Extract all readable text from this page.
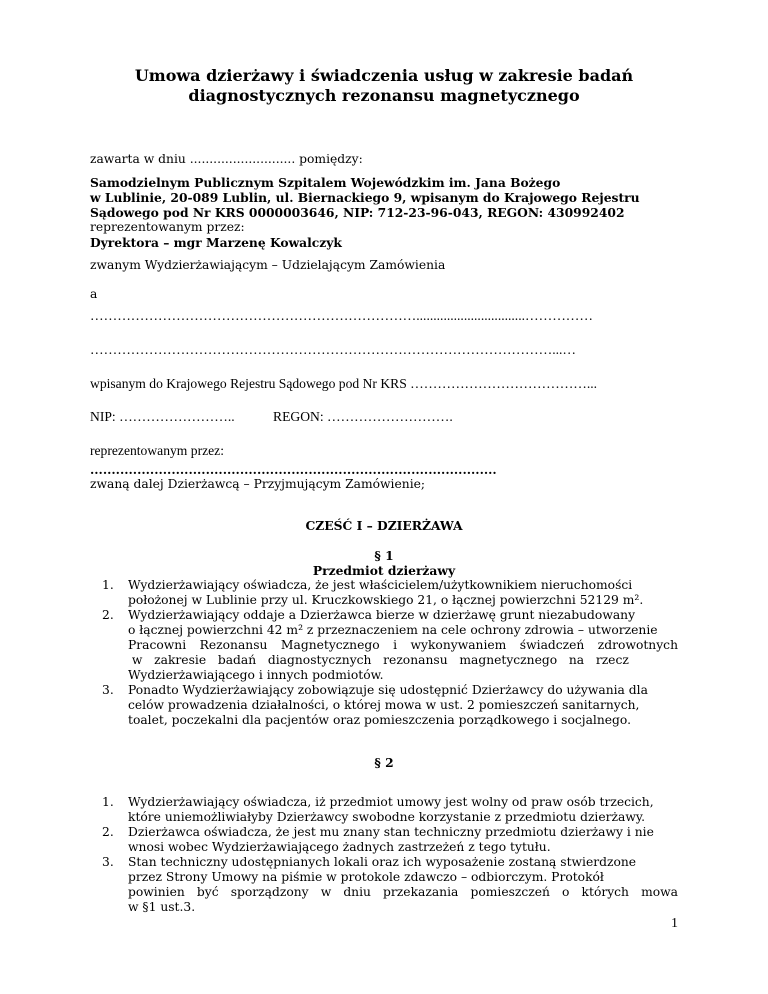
Umowa dzierżawy i świadczenia usług w zakresie badań diagnostycznych rezonansu magnetycznego
zawarta w dniu ........................... pomiędzy:
Samodzielnym Publicznym Szpitalem Wojewódzkim im. Jana Bożego
w Lublinie, 20-089 Lublin, ul. Biernackiego 9, wpisanym do Krajowego Rejestru
Sądowego pod Nr KRS 0000003646, NIP: 712-23-96-043, REGON: 430992402
reprezentowanym przez:
Dyrektora – mgr Marzenę Kowalczyk
zwanym Wydzierżawiającym – Udzielającym Zamówienia
a
………………………………………………………………................................……………
…………………………………………………………………………………………...…
wpisanym do Krajowego Rejestru Sądowego pod Nr KRS …………………………………...
NIP: ……………………..	REGON: ……………………….
reprezentowanym przez:
...............................................................................................
zwaną dalej Dzierżawcą – Przyjmującym Zamówienie;
CZEŚĆ I – DZIERŻAWA
§ 1
Przedmiot dzierżawy
1. Wydzierżawiający oświadcza, że jest właścicielem/użytkownikiem nieruchomości
położonej w Lublinie przy ul. Kruczkowskiego 21, o łącznej powierzchni 52129 m².
2. Wydzierżawiający oddaje a Dzierżawca bierze w dzierżawę grunt niezabudowany
o łącznej powierzchni 42 m² z przeznaczeniem na cele ochrony zdrowia – utworzenie
Pracowni Rezonansu Magnetycznego i wykonywaniem świadczeń zdrowotnych
w   zakresie   badań   diagnostycznych   rezonansu   magnetycznego   na   rzecz
Wydzierżawiającego i innych podmiotów.
3. Ponadto Wydzierżawiający zobowiązuje się udostępnić Dzierżawcy do używania dla
celów prowadzenia działalności, o której mowa w ust. 2 pomieszczeń sanitarnych,
toalet, poczekalni dla pacjentów oraz pomieszczenia porządkowego i socjalnego.
§ 2
1. Wydzierżawiający oświadcza, iż przedmiot umowy jest wolny od praw osób trzecich,
które uniemożliwiałyby Dzierżawcy swobodne korzystanie z przedmiotu dzierżawy.
2. Dzierżawca oświadcza, że jest mu znany stan techniczny przedmiotu dzierżawy i nie
wnosi wobec Wydzierżawiającego żadnych zastrzeżeń z tego tytułu.
3. Stan techniczny udostępnianych lokali oraz ich wyposażenie zostaną stwierdzone
przez Strony Umowy na piśmie w protokole zdawczo – odbiorczym. Protokół
powinien być sporządzony w dniu przekazania pomieszczeń o których mowa
w §1 ust.3.
1
